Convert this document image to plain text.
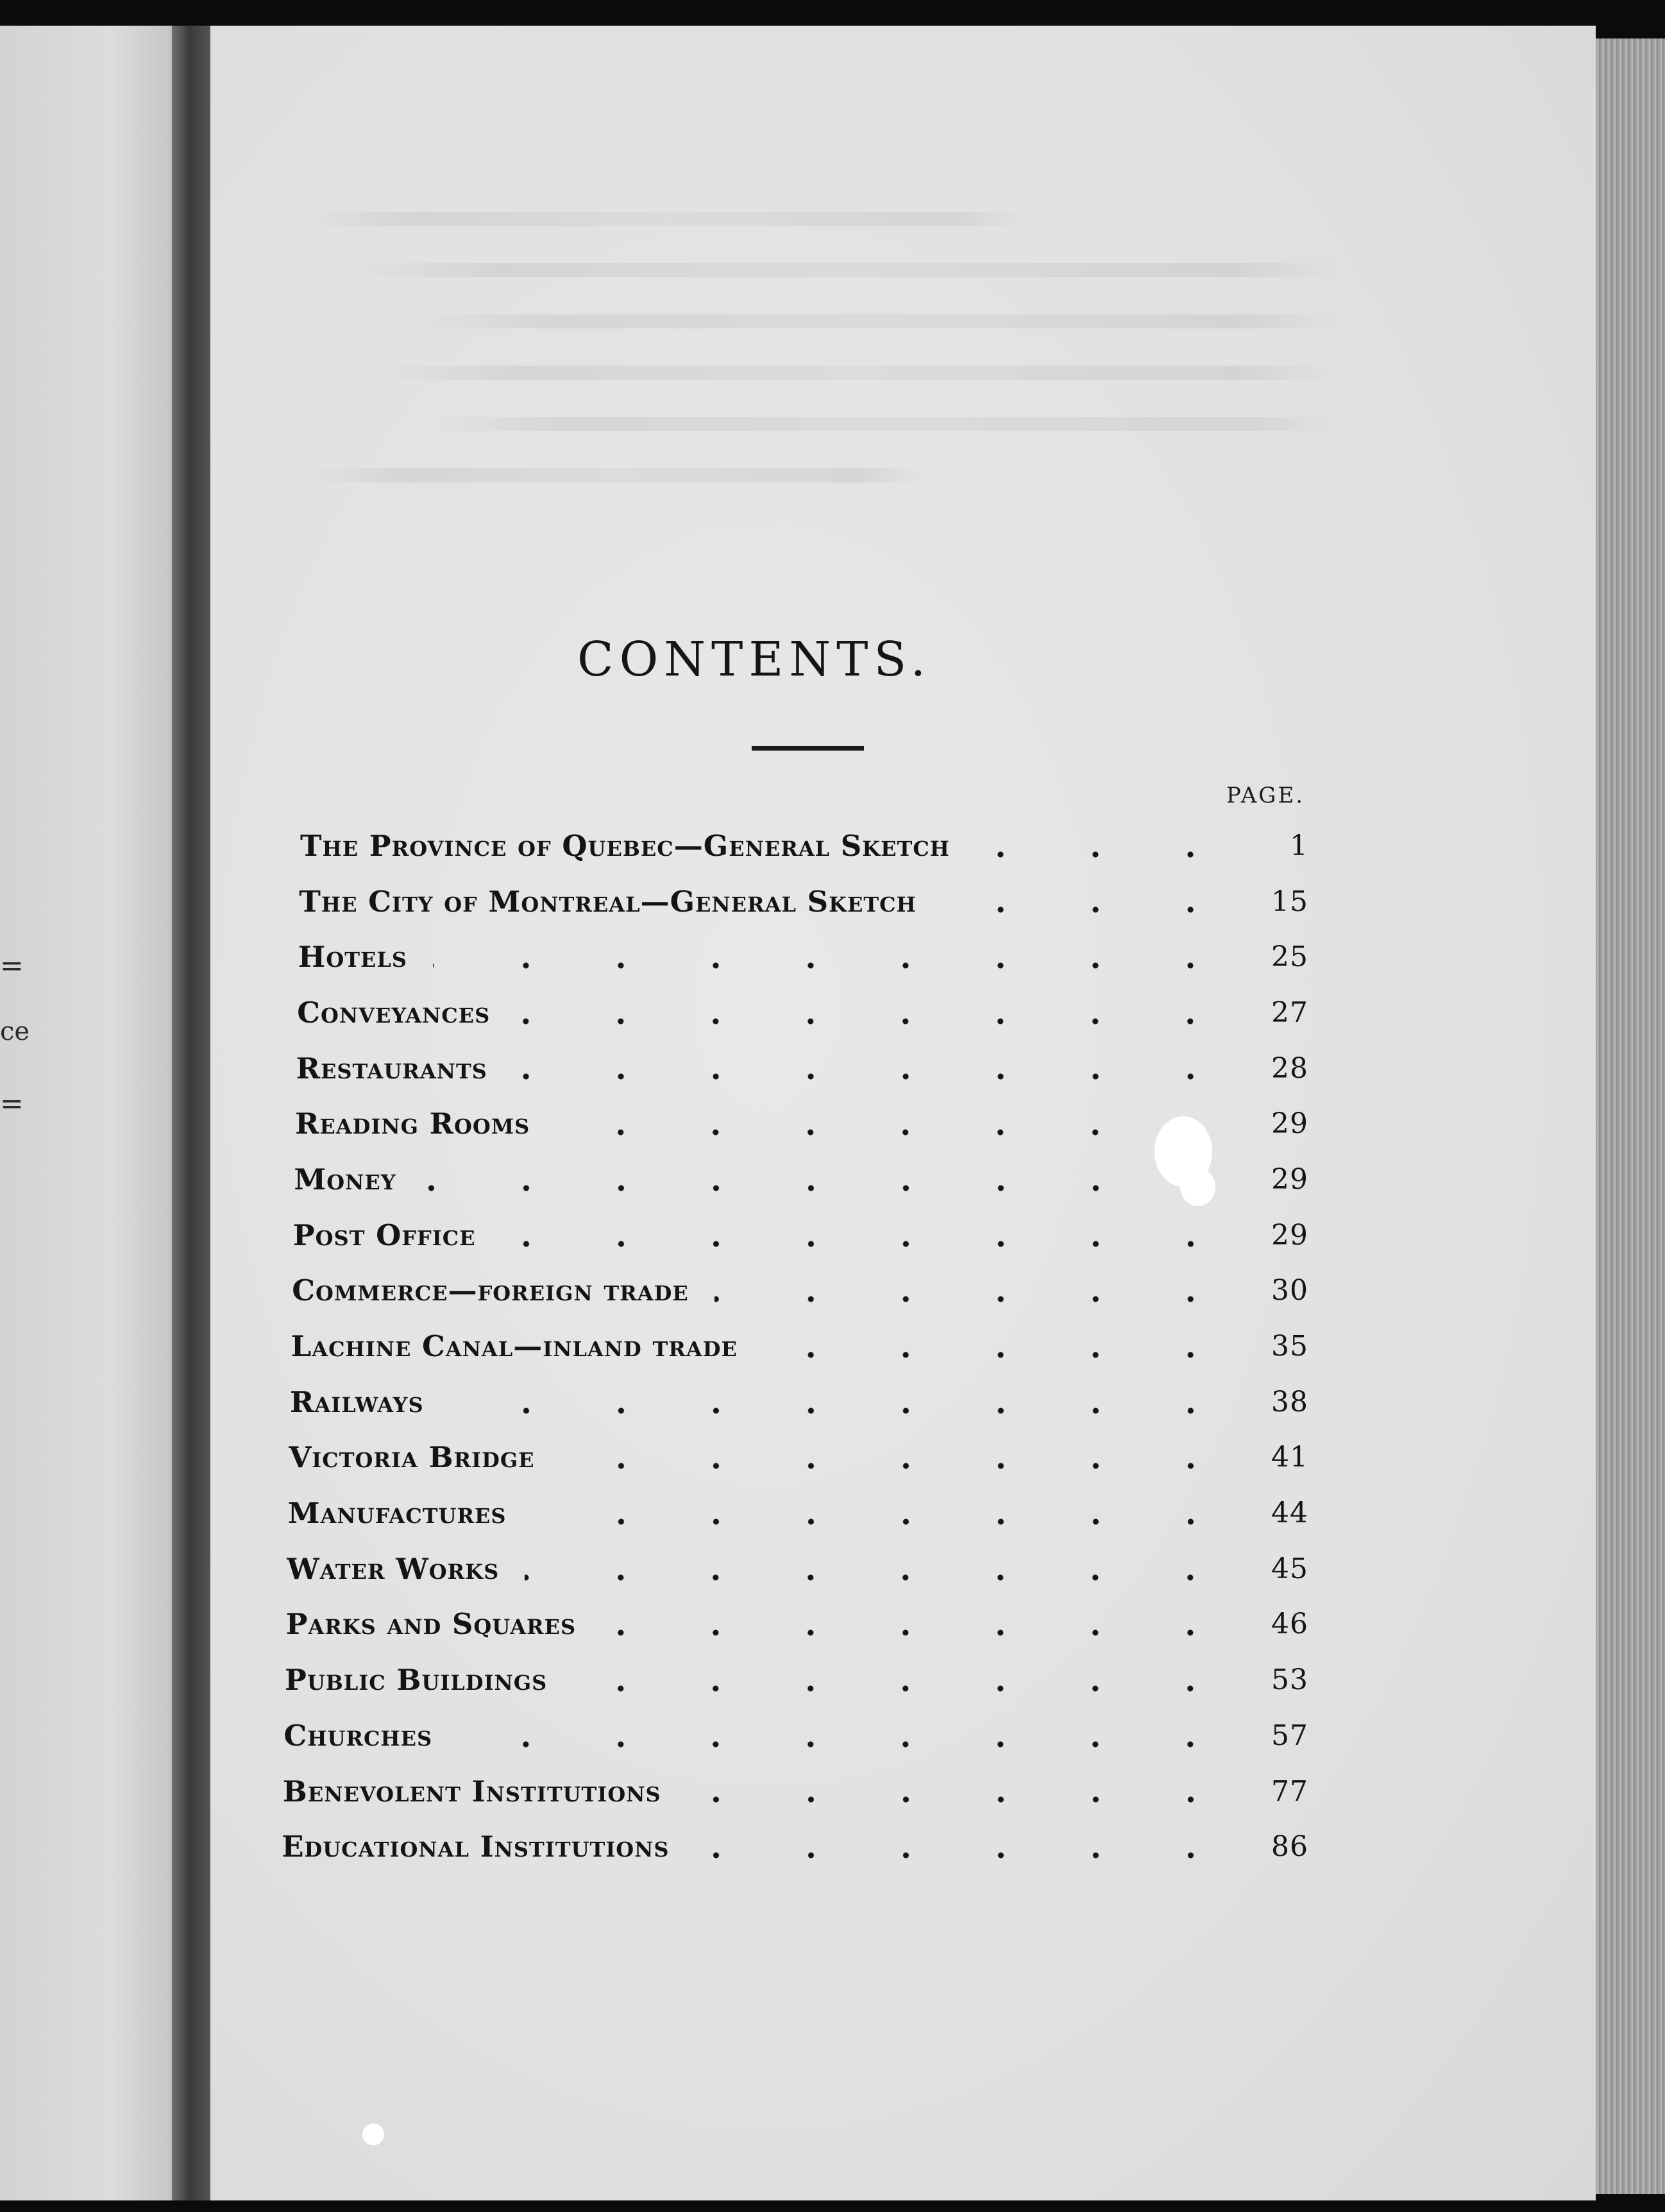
=
ce
=
CONTENTS.
PAGE.
The Province of Quebec—General Sketch	1
The City of Montreal—General Sketch	15
Hotels	25
Conveyances	27
Restaurants	28
Reading Rooms	29
Money	29
Post Office	29
Commerce—foreign trade	30
Lachine Canal—inland trade	35
Railways	38
Victoria Bridge	41
Manufactures	44
Water Works	45
Parks and Squares	46
Public Buildings	53
Churches	57
Benevolent Institutions	77
Educational Institutions	86
